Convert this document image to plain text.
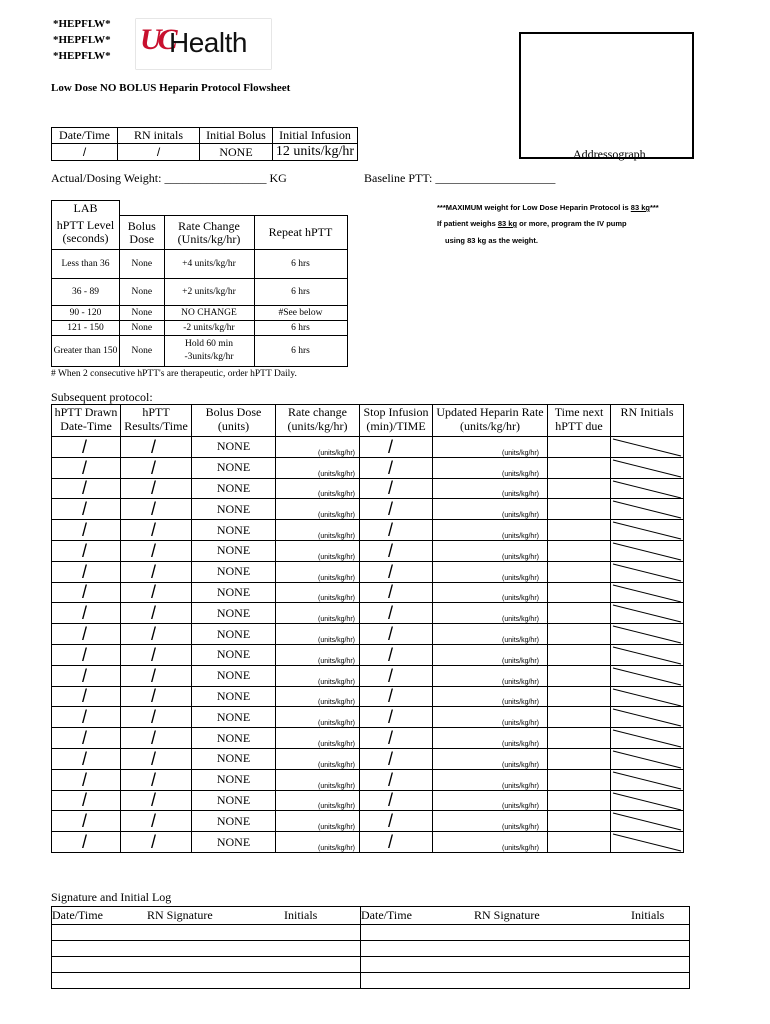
*HEPFLW*
*HEPFLW*
*HEPFLW* UC
Health
Low Dose NO BOLUS Heparin Protocol Flowsheet
Addressograph
Date/Time	RN initals	Initial Bolus	Initial Infusion
/	/	NONE	12 units/kg/hr
Actual/Dosing Weight: _________________ KG	Baseline PTT: ____________________
***MAXIMUM weight for Low Dose Heparin Protocol is 83 kg***
If patient weighs 83 kg or more, program the IV pump
using 83 kg as the weight.
LAB			
hPTT Level (seconds)	Bolus Dose	Rate Change (Units/kg/hr)	Repeat hPTT
Less than 36	None	+4 units/kg/hr	6 hrs
36 - 89	None	+2 units/kg/hr	6 hrs
90 - 120	None	NO CHANGE	#See below
121 - 150	None	-2 units/kg/hr	6 hrs
Greater than 150	None	Hold 60 min -3units/kg/hr	6 hrs
# When 2 consecutive hPTT's are therapeutic, order hPTT Daily.
Subsequent protocol:
hPTT Drawn Date-Time	hPTT Results/Time	Bolus Dose (units)	Rate change (units/kg/hr)	Stop Infusion (min)/TIME	Updated Heparin Rate (units/kg/hr)	Time next hPTT due	RN Initials
/	/	NONE	(units/kg/hr)	/	(units/kg/hr)		

/	/	NONE	(units/kg/hr)	/	(units/kg/hr)		

/	/	NONE	(units/kg/hr)	/	(units/kg/hr)		

/	/	NONE	(units/kg/hr)	/	(units/kg/hr)		

/	/	NONE	(units/kg/hr)	/	(units/kg/hr)		

/	/	NONE	(units/kg/hr)	/	(units/kg/hr)		

/	/	NONE	(units/kg/hr)	/	(units/kg/hr)		

/	/	NONE	(units/kg/hr)	/	(units/kg/hr)		

/	/	NONE	(units/kg/hr)	/	(units/kg/hr)		

/	/	NONE	(units/kg/hr)	/	(units/kg/hr)		

/	/	NONE	(units/kg/hr)	/	(units/kg/hr)		

/	/	NONE	(units/kg/hr)	/	(units/kg/hr)		

/	/	NONE	(units/kg/hr)	/	(units/kg/hr)		

/	/	NONE	(units/kg/hr)	/	(units/kg/hr)		

/	/	NONE	(units/kg/hr)	/	(units/kg/hr)		

/	/	NONE	(units/kg/hr)	/	(units/kg/hr)		

/	/	NONE	(units/kg/hr)	/	(units/kg/hr)		

/	/	NONE	(units/kg/hr)	/	(units/kg/hr)		

/	/	NONE	(units/kg/hr)	/	(units/kg/hr)		

/	/	NONE	(units/kg/hr)	/	(units/kg/hr)		
Signature and Initial Log
Date/Time	RN Signature	Initials	Date/Time	RN Signature	Initials
